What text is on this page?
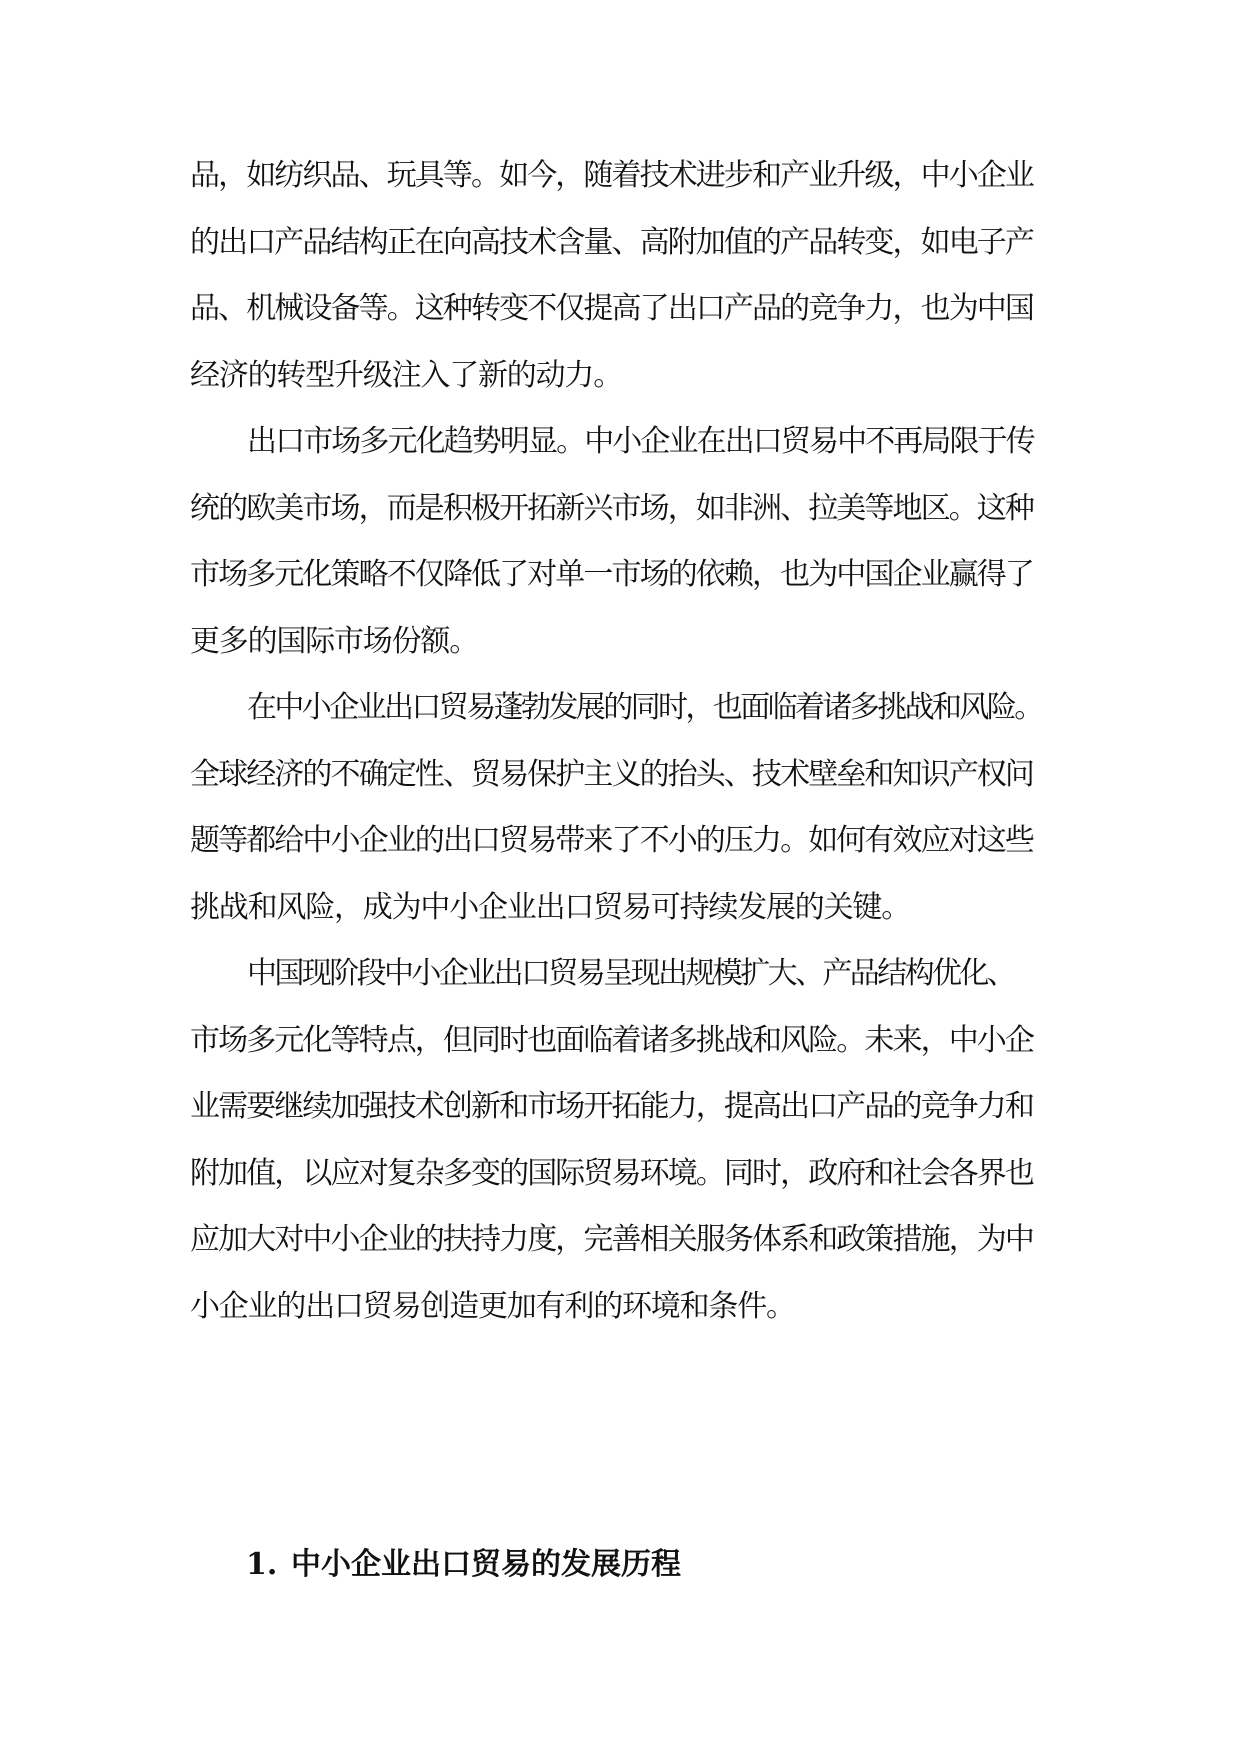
品，如纺织品、玩具等。如今，随着技术进步和产业升级，中小企业
的出口产品结构正在向高技术含量、高附加值的产品转变，如电子产
品、机械设备等。这种转变不仅提高了出口产品的竞争力，也为中国
经济的转型升级注入了新的动力。
出口市场多元化趋势明显。中小企业在出口贸易中不再局限于传
统的欧美市场，而是积极开拓新兴市场，如非洲、拉美等地区。这种
市场多元化策略不仅降低了对单一市场的依赖，也为中国企业赢得了
更多的国际市场份额。
在中小企业出口贸易蓬勃发展的同时，也面临着诸多挑战和风险。
全球经济的不确定性、贸易保护主义的抬头、技术壁垒和知识产权问
题等都给中小企业的出口贸易带来了不小的压力。如何有效应对这些
挑战和风险，成为中小企业出口贸易可持续发展的关键。
中国现阶段中小企业出口贸易呈现出规模扩大、产品结构优化、
市场多元化等特点，但同时也面临着诸多挑战和风险。未来，中小企
业需要继续加强技术创新和市场开拓能力，提高出口产品的竞争力和
附加值，以应对复杂多变的国际贸易环境。同时，政府和社会各界也
应加大对中小企业的扶持力度，完善相关服务体系和政策措施，为中
小企业的出口贸易创造更加有利的环境和条件。
1. 中小企业出口贸易的发展历程
